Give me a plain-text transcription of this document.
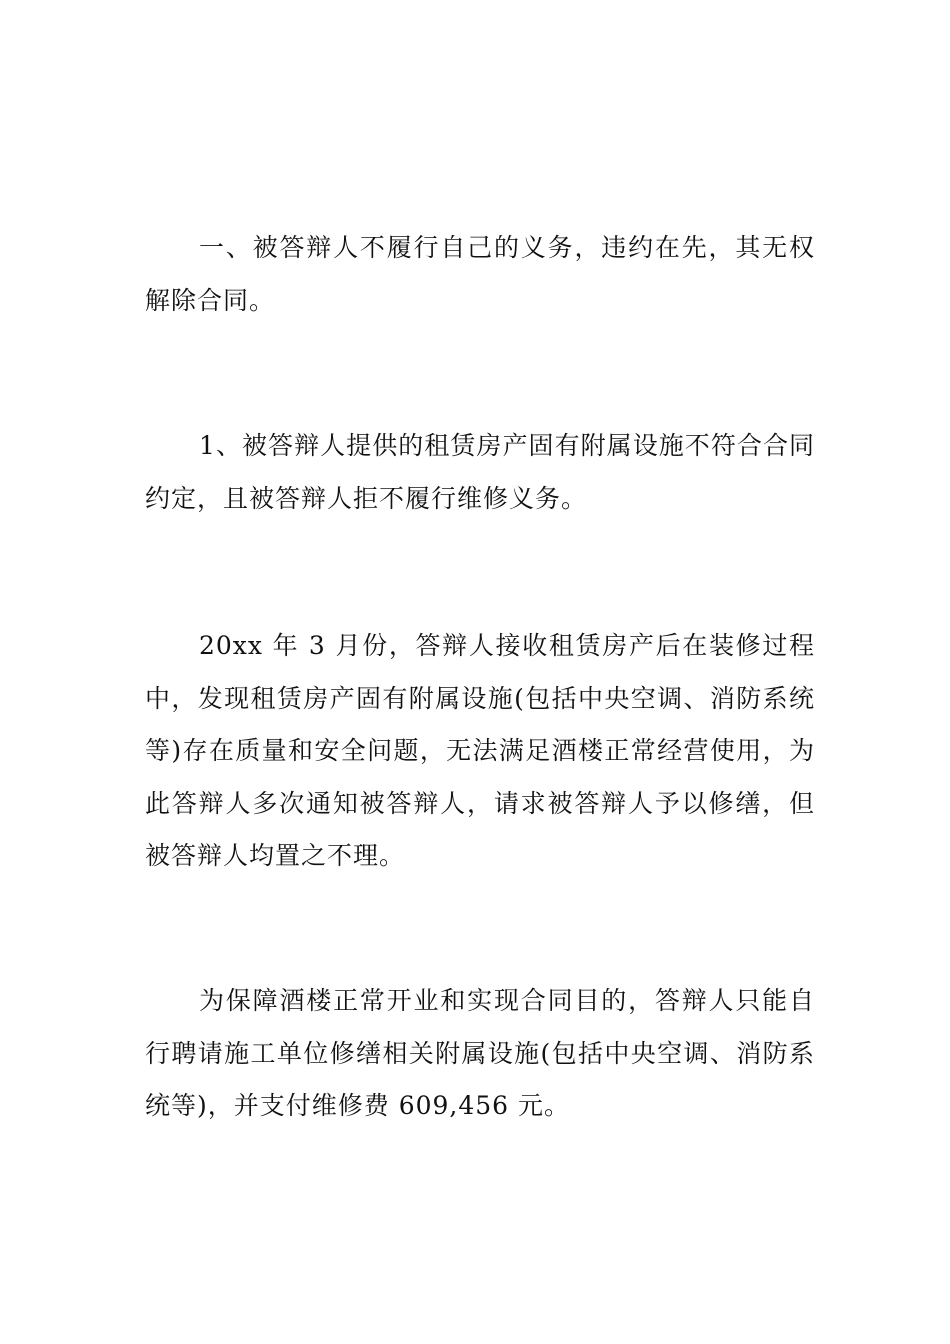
一、被答辩人不履行自己的义务，违约在先，其无权解除合同。

1、被答辩人提供的租赁房产固有附属设施不符合合同约定，且被答辩人拒不履行维修义务。

20xx 年 3 月份，答辩人接收租赁房产后在装修过程中，发现租赁房产固有附属设施(包括中央空调、消防系统等)存在质量和安全问题，无法满足酒楼正常经营使用，为此答辩人多次通知被答辩人，请求被答辩人予以修缮，但被答辩人均置之不理。

为保障酒楼正常开业和实现合同目的，答辩人只能自行聘请施工单位修缮相关附属设施(包括中央空调、消防系统等)，并支付维修费 609,456 元。
